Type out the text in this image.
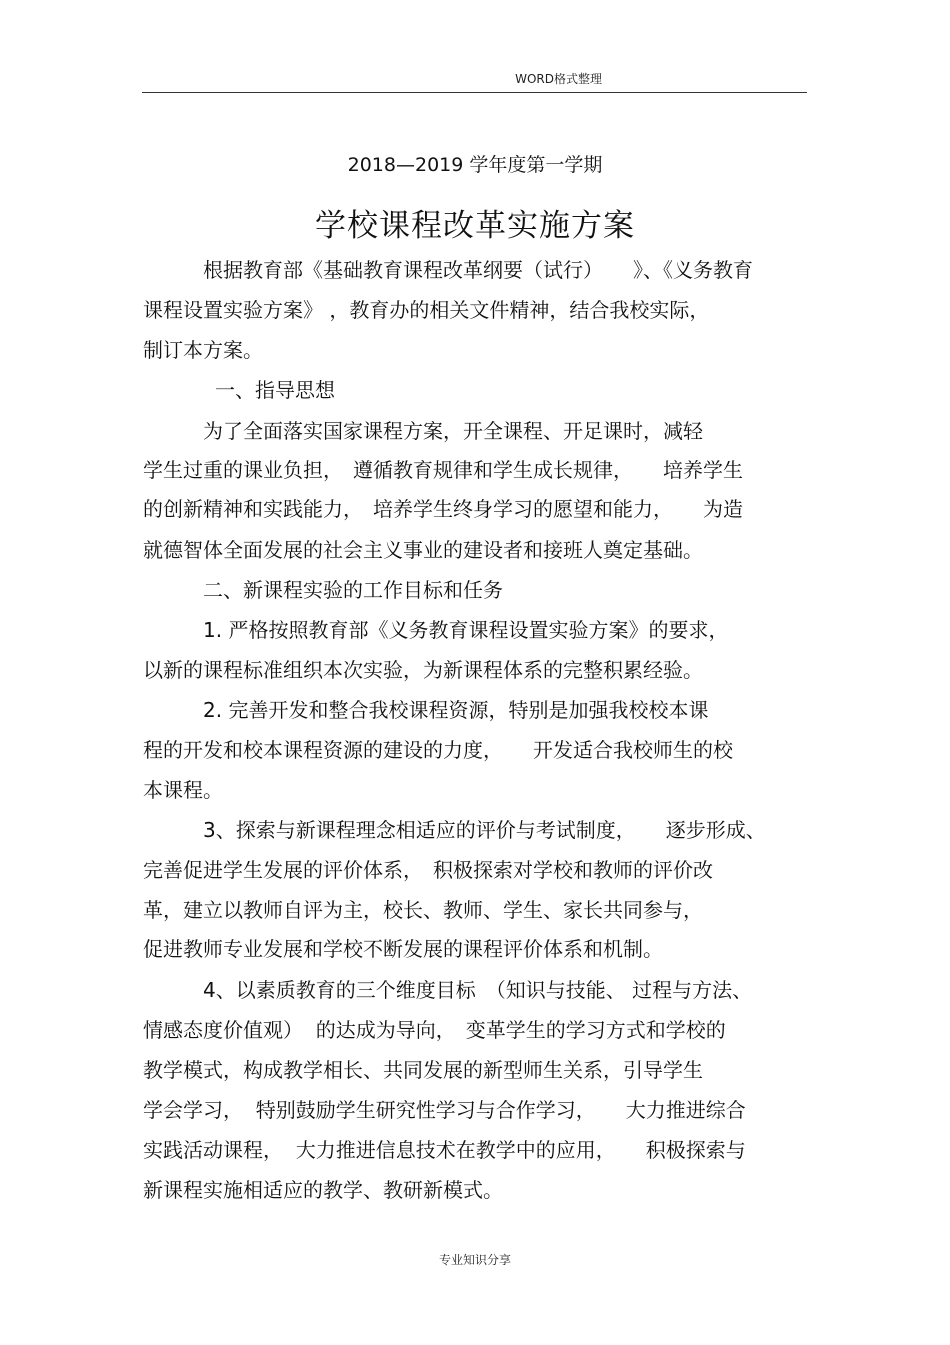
WORD格式整理
2018—2019 学年度第一学期
学校课程改革实施方案
根据教育部《基础教育课程改革纲要（试行）　　》、《义务教育
课程设置实验方案》 ，教育办的相关文件精神，结合我校实际，
制订本方案。
一、指导思想
为了全面落实国家课程方案，开全课程、开足课时，减轻
学生过重的课业负担，　遵循教育规律和学生成长规律，　　培养学生
的创新精神和实践能力，　培养学生终身学习的愿望和能力，　　为造
就德智体全面发展的社会主义事业的建设者和接班人奠定基础。
二、新课程实验的工作目标和任务
1. 严格按照教育部《义务教育课程设置实验方案》的要求，
以新的课程标准组织本次实验，为新课程体系的完整积累经验。
2. 完善开发和整合我校课程资源，特别是加强我校校本课
程的开发和校本课程资源的建设的力度，　　开发适合我校师生的校
本课程。
3、探索与新课程理念相适应的评价与考试制度，　　逐步形成、
完善促进学生发展的评价体系，　积极探索对学校和教师的评价改
革，建立以教师自评为主，校长、教师、学生、家长共同参与，
促进教师专业发展和学校不断发展的课程评价体系和机制。
4、以素质教育的三个维度目标　（知识与技能、 过程与方法、
情感态度价值观）  的达成为导向，　变革学生的学习方式和学校的
教学模式，构成教学相长、共同发展的新型师生关系，引导学生
学会学习，  特别鼓励学生研究性学习与合作学习，　　大力推进综合
实践活动课程，  大力推进信息技术在教学中的应用，　　积极探索与
新课程实施相适应的教学、教研新模式。
专业知识分享
